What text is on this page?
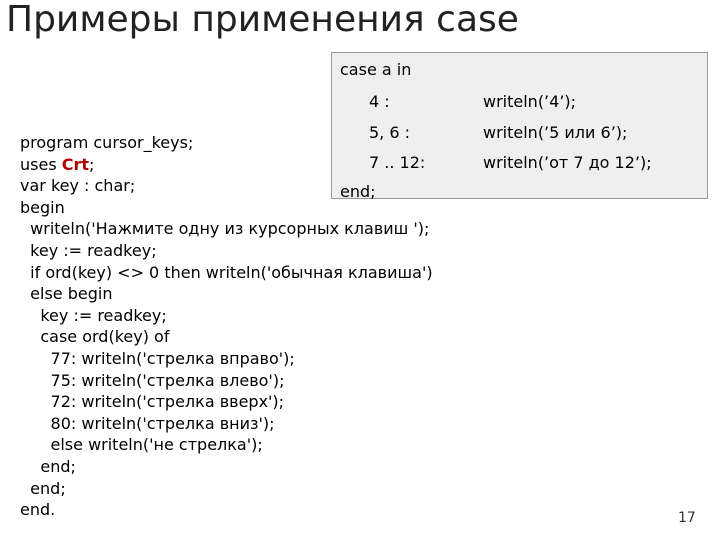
Примеры применения case
case a in
4 :	writeln(’4’);
5, 6 :	writeln(’5 или 6’);
7 .. 12:	writeln(’от 7 до 12’);
end;
program cursor_keys;
uses Crt;
var key : char;
begin
writeln('Нажмите одну из курсорных клавиш ');
key := readkey;
if ord(key) <> 0 then writeln('обычная клавиша')
else begin
key := readkey;
case ord(key) of
77: writeln('стрелка вправо');
75: writeln('стрелка влево');
72: writeln('стрелка вверх');
80: writeln('стрелка вниз');
else writeln('не стрелка');
end;
end;
end.	17
